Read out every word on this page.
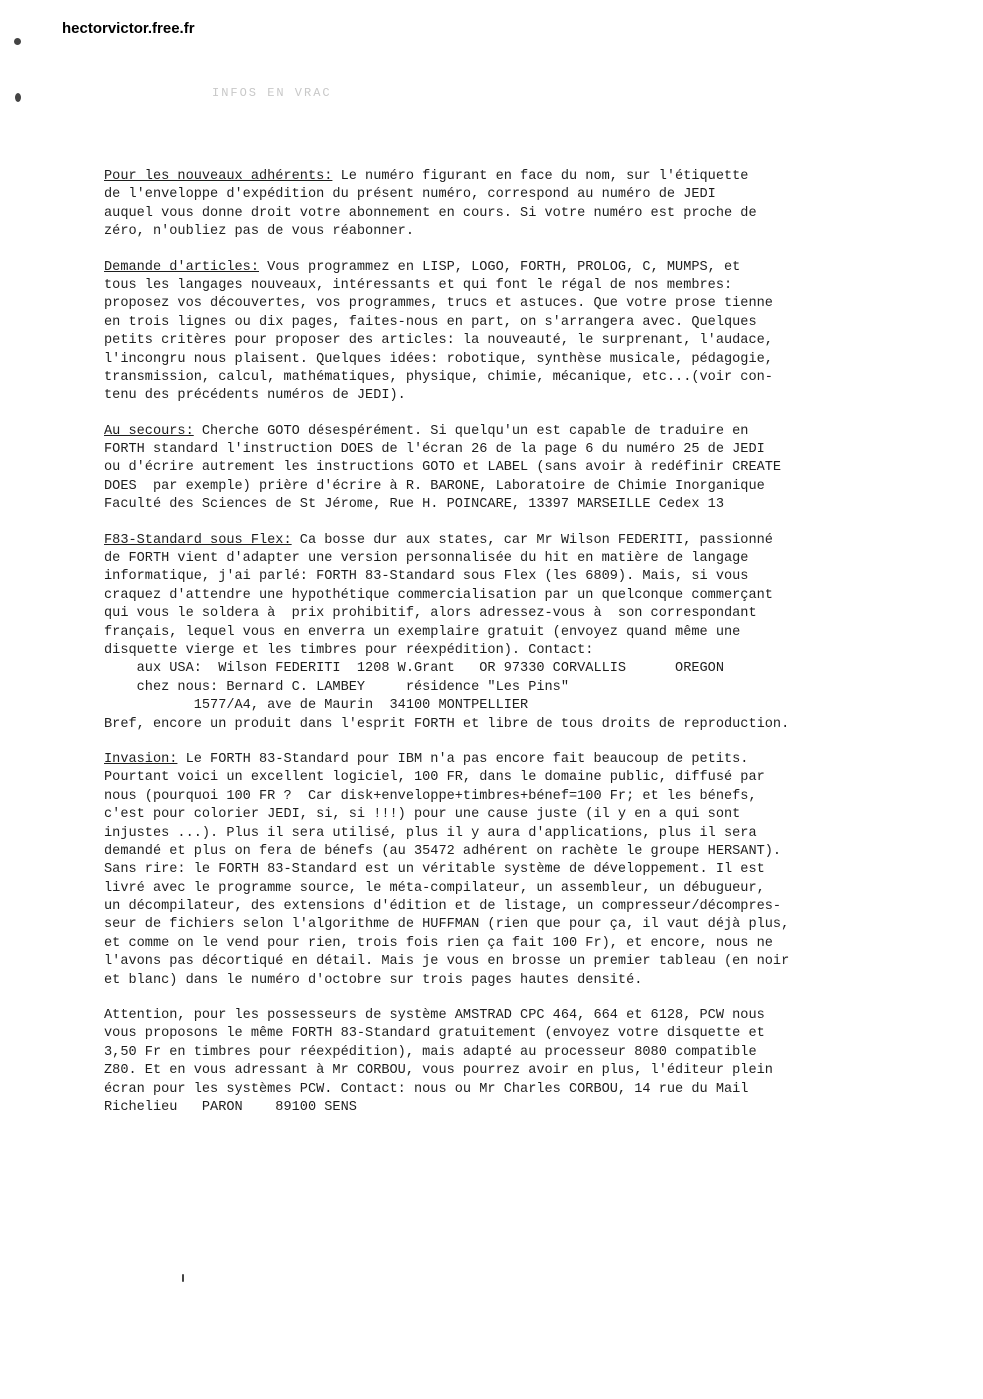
hectorvictor.free.fr
INFOS EN VRAC
Pour les nouveaux adhérents: Le numéro figurant en face du nom, sur l'étiquette
de l'enveloppe d'expédition du présent numéro, correspond au numéro de JEDI
auquel vous donne droit votre abonnement en cours. Si votre numéro est proche de
zéro, n'oubliez pas de vous réabonner.
Demande d'articles: Vous programmez en LISP, LOGO, FORTH, PROLOG, C, MUMPS, et
tous les langages nouveaux, intéressants et qui font le régal de nos membres:
proposez vos découvertes, vos programmes, trucs et astuces. Que votre prose tienne
en trois lignes ou dix pages, faites-nous en part, on s'arrangera avec. Quelques
petits critères pour proposer des articles: la nouveauté, le surprenant, l'audace,
l'incongru nous plaisent. Quelques idées: robotique, synthèse musicale, pédagogie,
transmission, calcul, mathématiques, physique, chimie, mécanique, etc...(voir con-
tenu des précédents numéros de JEDI).
Au secours: Cherche GOTO désespérément. Si quelqu'un est capable de traduire en
FORTH standard l'instruction DOES de l'écran 26 de la page 6 du numéro 25 de JEDI
ou d'écrire autrement les instructions GOTO et LABEL (sans avoir à redéfinir CREATE
DOES  par exemple) prière d'écrire à R. BARONE, Laboratoire de Chimie Inorganique
Faculté des Sciences de St Jérome, Rue H. POINCARE, 13397 MARSEILLE Cedex 13
F83-Standard sous Flex: Ca bosse dur aux states, car Mr Wilson FEDERITI, passionné
de FORTH vient d'adapter une version personnalisée du hit en matière de langage
informatique, j'ai parlé: FORTH 83-Standard sous Flex (les 6809). Mais, si vous
craquez d'attendre une hypothétique commercialisation par un quelconque commerçant
qui vous le soldera à  prix prohibitif, alors adressez-vous à  son correspondant
français, lequel vous en enverra un exemplaire gratuit (envoyez quand même une
disquette vierge et les timbres pour réexpédition). Contact:
aux USA:  Wilson FEDERITI  1208 W.Grant   OR 97330 CORVALLIS      OREGON
chez nous: Bernard C. LAMBEY     résidence "Les Pins"
1577/A4, ave de Maurin  34100 MONTPELLIER
Bref, encore un produit dans l'esprit FORTH et libre de tous droits de reproduction.
Invasion: Le FORTH 83-Standard pour IBM n'a pas encore fait beaucoup de petits.
Pourtant voici un excellent logiciel, 100 FR, dans le domaine public, diffusé par
nous (pourquoi 100 FR ?  Car disk+enveloppe+timbres+bénef=100 Fr; et les bénefs,
c'est pour colorier JEDI, si, si !!!) pour une cause juste (il y en a qui sont
injustes ...). Plus il sera utilisé, plus il y aura d'applications, plus il sera
demandé et plus on fera de bénefs (au 35472 adhérent on rachète le groupe HERSANT).
Sans rire: le FORTH 83-Standard est un véritable système de développement. Il est
livré avec le programme source, le méta-compilateur, un assembleur, un débugueur,
un décompilateur, des extensions d'édition et de listage, un compresseur/décompres-
seur de fichiers selon l'algorithme de HUFFMAN (rien que pour ça, il vaut déjà plus,
et comme on le vend pour rien, trois fois rien ça fait 100 Fr), et encore, nous ne
l'avons pas décortiqué en détail. Mais je vous en brosse un premier tableau (en noir
et blanc) dans le numéro d'octobre sur trois pages hautes densité.
Attention, pour les possesseurs de système AMSTRAD CPC 464, 664 et 6128, PCW nous
vous proposons le même FORTH 83-Standard gratuitement (envoyez votre disquette et
3,50 Fr en timbres pour réexpédition), mais adapté au processeur 8080 compatible
Z80. Et en vous adressant à Mr CORBOU, vous pourrez avoir en plus, l'éditeur plein
écran pour les systèmes PCW. Contact: nous ou Mr Charles CORBOU, 14 rue du Mail
Richelieu   PARON    89100 SENS
